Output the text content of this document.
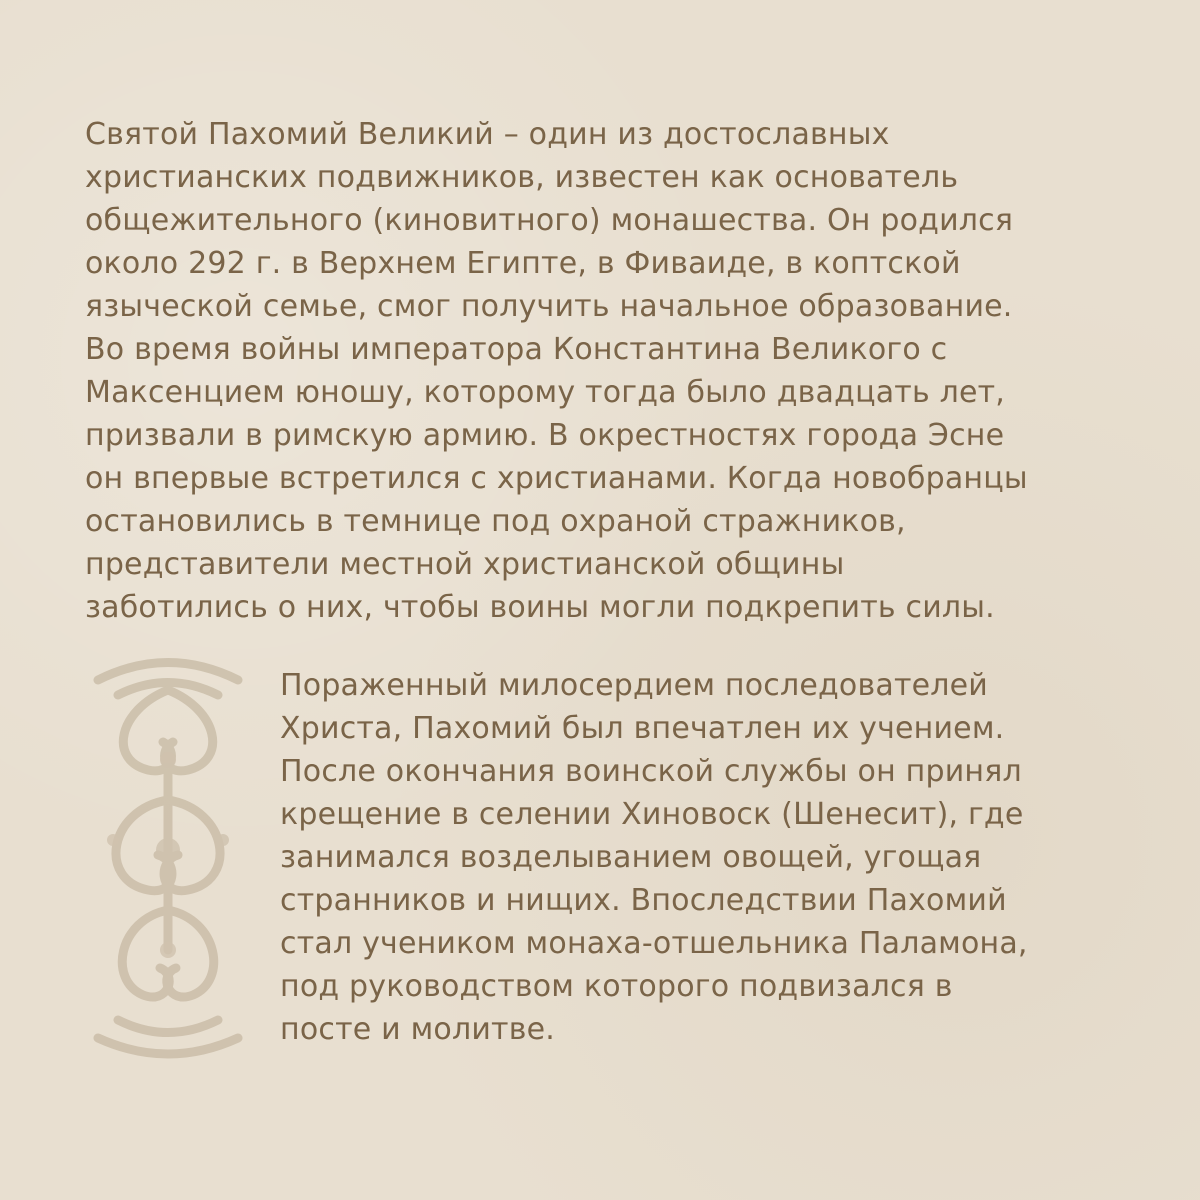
Святой Пахомий Великий – один из достославных
христианских подвижников, известен как основатель
общежительного (киновитного) монашества. Он родился
около 292 г. в Верхнем Египте, в Фиваиде, в коптской
языческой семье, смог получить начальное образование.
Во время войны императора Константина Великого с
Максенцием юношу, которому тогда было двадцать лет,
призвали в римскую армию. В окрестностях города Эсне
он впервые встретился с христианами. Когда новобранцы
остановились в темнице под охраной стражников,
представители местной христианской общины
заботились о них, чтобы воины могли подкрепить силы.
Пораженный милосердием последователей
Христа, Пахомий был впечатлен их учением.
После окончания воинской службы он принял
крещение в селении Хиновоск (Шенесит), где
занимался возделыванием овощей, угощая
странников и нищих. Впоследствии Пахомий
стал учеником монаха-отшельника Паламона,
под руководством которого подвизался в
посте и молитве.
